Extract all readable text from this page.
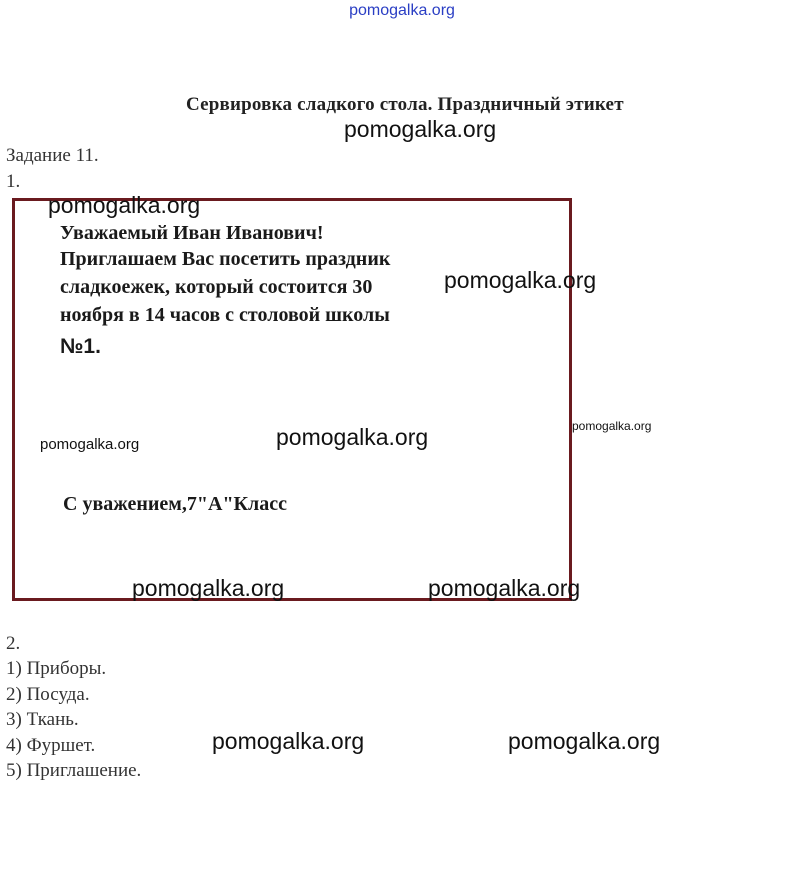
pomogalka.org
Сервировка сладкого стола. Праздничный этикет
Задание 11.
1.
Уважаемый Иван Иванович!
Приглашаем Вас посетить праздник
сладкоежек, который состоится 30
ноября в 14 часов с столовой школы
№1.
С уважением,7"А"Класс
2.
1) Приборы.
2) Посуда.
3) Ткань.
4) Фуршет.
5) Приглашение.
pomogalka.org
pomogalka.org
pomogalka.org
pomogalka.org
pomogalka.org	pomogalka.org
pomogalka.org	pomogalka.org
pomogalka.org	pomogalka.org
